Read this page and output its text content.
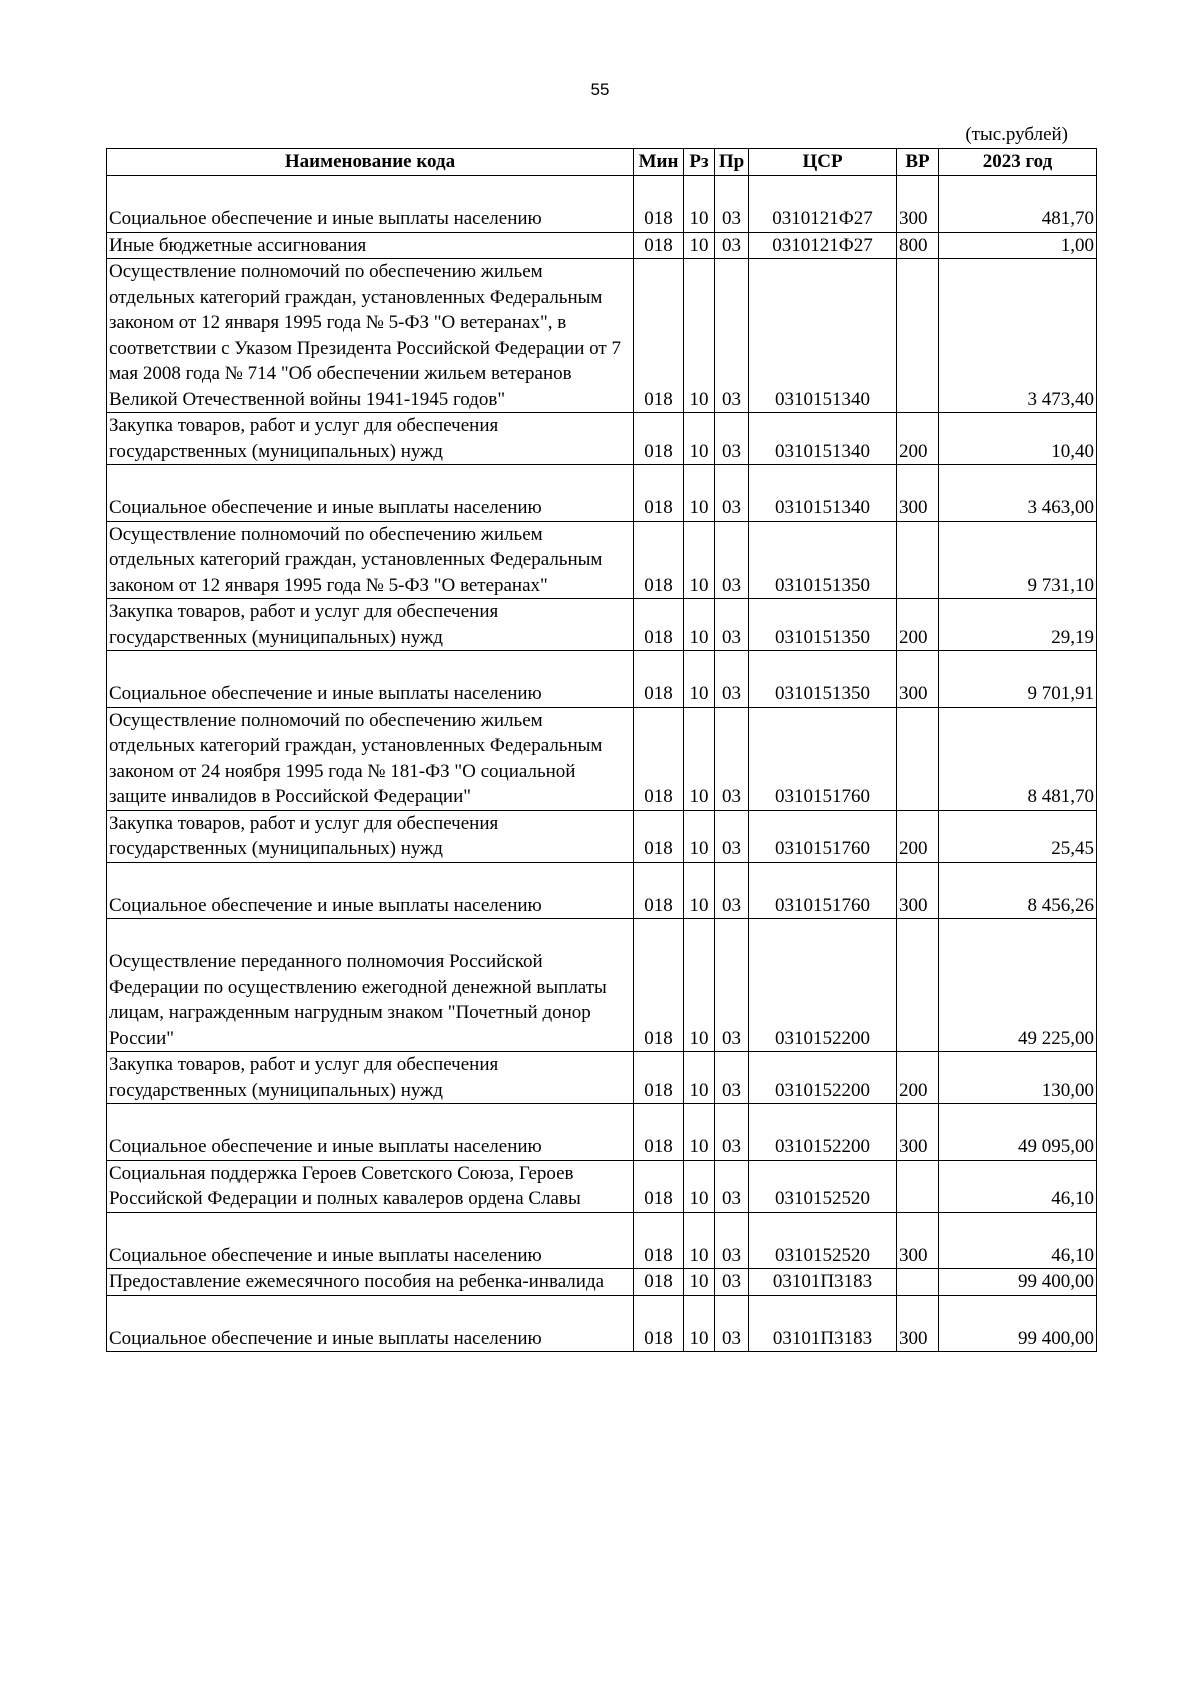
55
(тыс.рублей)
Наименование кода	Мин	Рз	Пр	ЦСР	ВР	2023 год
Социальное обеспечение и иные выплаты населению	018	10	03	0310121Ф27	300	481,70
Иные бюджетные ассигнования	018	10	03	0310121Ф27	800	1,00
Осуществление полномочий по обеспечению жильем отдельных категорий граждан, установленных Федеральным законом от 12 января 1995 года № 5-ФЗ "О ветеранах", в соответствии с Указом Президента Российской Федерации от 7 мая 2008 года № 714 "Об обеспечении жильем ветеранов Великой Отечественной войны 1941-1945 годов"	018	10	03	0310151340		3 473,40
Закупка товаров, работ и услуг для обеспечения государственных (муниципальных) нужд	018	10	03	0310151340	200	10,40
Социальное обеспечение и иные выплаты населению	018	10	03	0310151340	300	3 463,00
Осуществление полномочий по обеспечению жильем отдельных категорий граждан, установленных Федеральным законом от 12 января 1995 года № 5-ФЗ "О ветеранах"	018	10	03	0310151350		9 731,10
Закупка товаров, работ и услуг для обеспечения государственных (муниципальных) нужд	018	10	03	0310151350	200	29,19
Социальное обеспечение и иные выплаты населению	018	10	03	0310151350	300	9 701,91
Осуществление полномочий по обеспечению жильем отдельных категорий граждан, установленных Федеральным законом от 24 ноября 1995 года № 181-ФЗ "О социальной защите инвалидов в Российской Федерации"	018	10	03	0310151760		8 481,70
Закупка товаров, работ и услуг для обеспечения государственных (муниципальных) нужд	018	10	03	0310151760	200	25,45
Социальное обеспечение и иные выплаты населению	018	10	03	0310151760	300	8 456,26
Осуществление переданного полномочия Российской Федерации по осуществлению ежегодной денежной выплаты лицам, награжденным нагрудным знаком "Почетный донор России"	018	10	03	0310152200		49 225,00
Закупка товаров, работ и услуг для обеспечения государственных (муниципальных) нужд	018	10	03	0310152200	200	130,00
Социальное обеспечение и иные выплаты населению	018	10	03	0310152200	300	49 095,00
Социальная поддержка Героев Советского Союза, Героев Российской Федерации и полных кавалеров ордена Славы	018	10	03	0310152520		46,10
Социальное обеспечение и иные выплаты населению	018	10	03	0310152520	300	46,10
Предоставление ежемесячного пособия на ребенка-инвалида	018	10	03	03101П3183		99 400,00
Социальное обеспечение и иные выплаты населению	018	10	03	03101П3183	300	99 400,00
